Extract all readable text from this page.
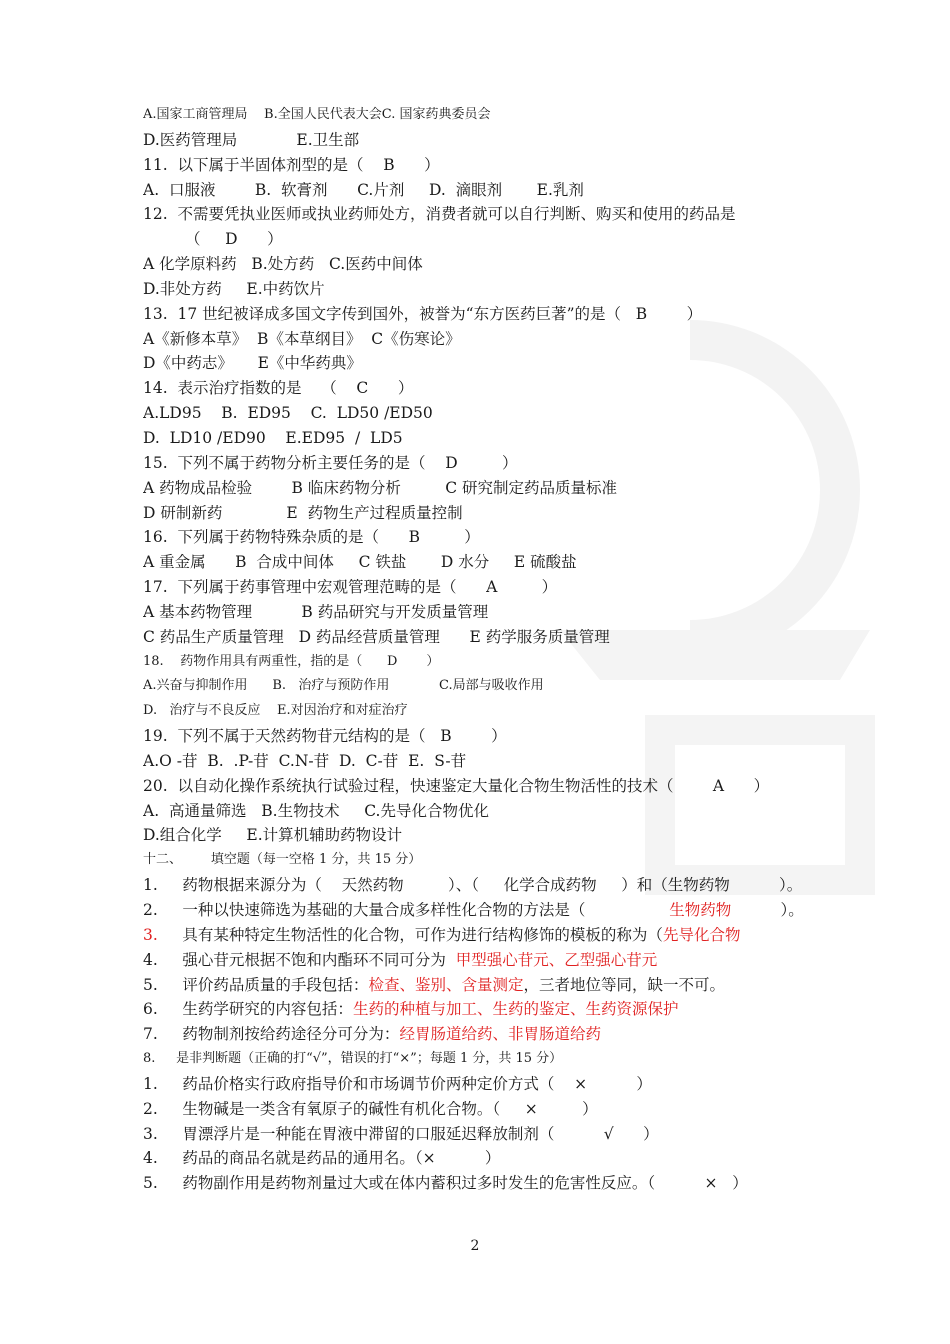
A.国家工商管理局    B.全国人民代表大会C. 国家药典委员会
D.医药管理局            E.卫生部
11.  以下属于半固体剂型的是（    B      ）
A.  口服液        B.  软膏剂      C.片剂     D.  滴眼剂       E.乳剂
12.  不需要凭执业医师或执业药师处方，消费者就可以自行判断、购买和使用的药品是
（     D      ）
A 化学原料药   B.处方药   C.医药中间体
D.非处方药     E.中药饮片
13.  17 世纪被译成多国文字传到国外，被誉为“东方医药巨著”的是（   B        ）
A《新修本草》  B《本草纲目》  C《伤寒论》
D《中药志》     E《中华药典》
14.  表示治疗指数的是    （    C      ）
A.LD95    B.  ED95    C.  LD50 /ED50
D.  LD10 /ED90    E.ED95  /  LD5
15.  下列不属于药物分析主要任务的是（    D         ）
A 药物成品检验        B 临床药物分析         C 研究制定药品质量标准
D 研制新药             E  药物生产过程质量控制
16.  下列属于药物特殊杂质的是（      B         ）
A 重金属      B  合成中间体     C 铁盐       D 水分     E 硫酸盐
17.  下列属于药事管理中宏观管理范畴的是（      A         ）
A 基本药物管理          B 药品研究与开发质量管理
C 药品生产质量管理   D 药品经营质量管理      E 药学服务质量管理
18.    药物作用具有两重性，指的是（      D       ）
A.兴奋与抑制作用      B.   治疗与预防作用            C.局部与吸收作用
D.   治疗与不良反应    E.对因治疗和对症治疗
19.  下列不属于天然药物苷元结构的是（   B        ）
A.O -苷  B.  .P-苷  C.N-苷  D.  C-苷  E.  S-苷
20.  以自动化操作系统执行试验过程，快速鉴定大量化合物生物活性的技术（        A      ）
A.  高通量筛选   B.生物技术     C.先导化合物优化
D.组合化学     E.计算机辅助药物设计
十二、       填空题（每一空格 1 分，共 15 分）
1.     药物根据来源分为（    天然药物         ）、（     化学合成药物     ）和（生物药物          ）。
2.     一种以快速筛选为基础的大量合成多样性化合物的方法是（                 生物药物          ）。
3.     具有某种特定生物活性的化合物，可作为进行结构修饰的模板的称为（先导化合物
4.     强心苷元根据不饱和内酯环不同可分为  甲型强心苷元、乙型强心苷元
5.     评价药品质量的手段包括：检查、鉴别、含量测定，三者地位等同，缺一不可。
6.     生药学研究的内容包括：生药的种植与加工、生药的鉴定、生药资源保护
7.     药物制剂按给药途径分可分为：经胃肠道给药、非胃肠道给药
8.     是非判断题（正确的打“√”，错误的打“×”；每题 1 分，共 15 分）
1.     药品价格实行政府指导价和市场调节价两种定价方式（    ×          ）
2.     生物碱是一类含有氧原子的碱性有机化合物。（     ×         ）
3.     胃漂浮片是一种能在胃液中滞留的口服延迟释放制剂（          √      ）
4.     药品的商品名就是药品的通用名。（×          ）
5.     药物副作用是药物剂量过大或在体内蓄积过多时发生的危害性反应。（          ×   ）
2
